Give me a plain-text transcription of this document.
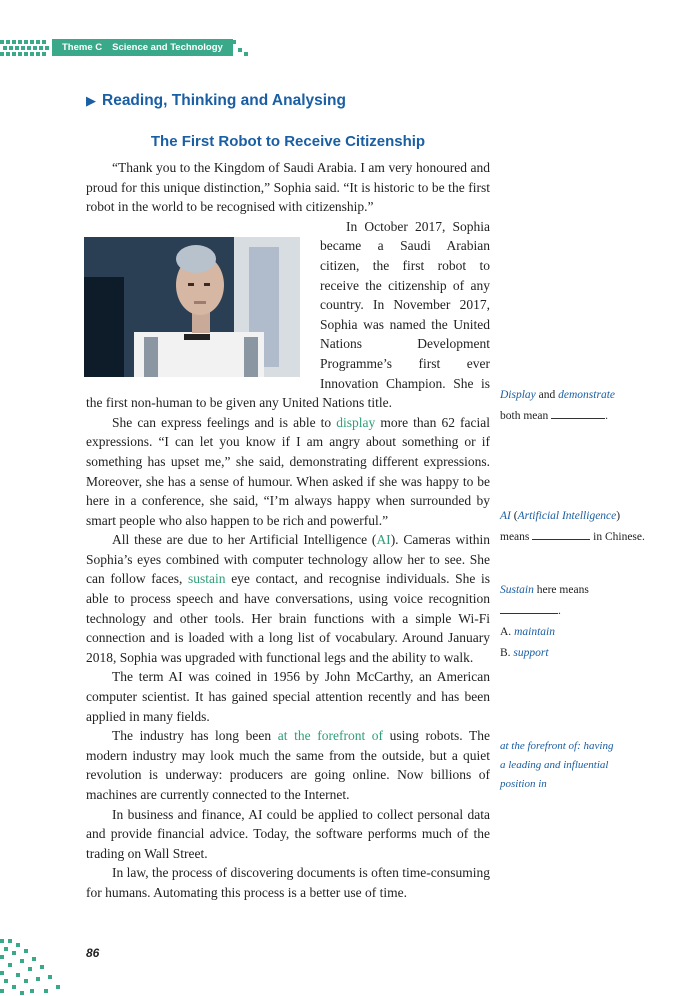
Theme C Science and Technology
▶ Reading, Thinking and Analysing
The First Robot to Receive Citizenship

“Thank you to the Kingdom of Saudi Arabia. I am very honoured and proud for this unique distinction,” Sophia said. “It is historic to be the first robot in the world to be recognised with citizenship.”

Sophia the robot
In October 2017, Sophia became a Saudi Arabian citizen, the first robot to receive the citizenship of any country. In November 2017, Sophia was named the United Nations Development Programme’s first ever Innovation Champion. She is the first non-human to be given any United Nations title.

She can express feelings and is able to display more than 62 facial expressions. “I can let you know if I am angry about something or if something has upset me,” she said, demonstrating different expressions. Moreover, she has a sense of humour. When asked if she was happy to be here in a conference, she said, “I’m always happy when surrounded by smart people who also happen to be rich and powerful.”

All these are due to her Artificial Intelligence (AI). Cameras within Sophia’s eyes combined with computer technology allow her to see. She can follow faces, sustain eye contact, and recognise individuals. She is able to process speech and have conversations, using voice recognition technology and other tools. Her brain functions with a simple Wi-Fi connection and is loaded with a long list of vocabulary. Around January 2018, Sophia was upgraded with functional legs and the ability to walk.

The term AI was coined in 1956 by John McCarthy, an American computer scientist. It has gained special attention recently and has been applied in many fields.

The industry has long been at the forefront of using robots. The modern industry may look much the same from the outside, but a quiet revolution is underway: producers are going online. Now billions of machines are currently connected to the Internet.

In business and finance, AI could be applied to collect personal data and provide financial advice. Today, the software performs much of the trading on Wall Street.

In law, the process of discovering documents is often time-consuming for humans. Automating this process is a better use of time.

Display and demonstrate
both mean	.
AI (Artificial Intelligence)
means	in Chinese.
Sustain here means
.
A. maintain
B. support
at the forefront of: having a leading and influential position in
86
